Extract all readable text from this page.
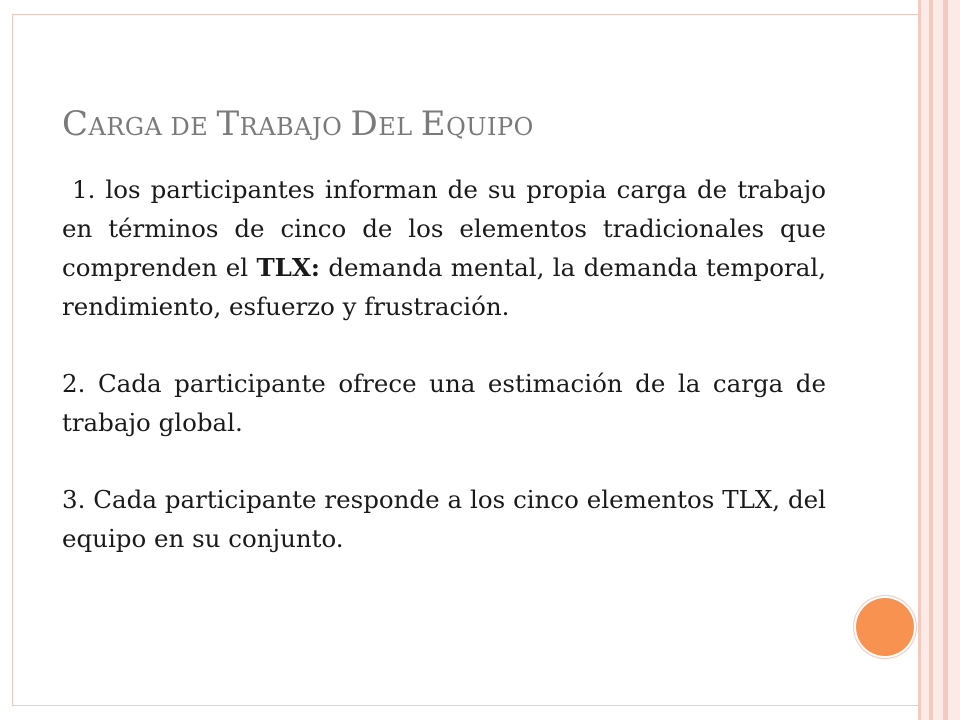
CARGA DE TRABAJO DEL EQUIPO

1. los participantes informan de su propia carga de trabajo en términos de cinco de los elementos tradicionales que comprenden el TLX: demanda mental, la demanda temporal, rendimiento, esfuerzo y frustración.

2. Cada participante ofrece una estimación de la carga de trabajo global.

3. Cada participante responde a los cinco elementos TLX, del equipo en su conjunto.
